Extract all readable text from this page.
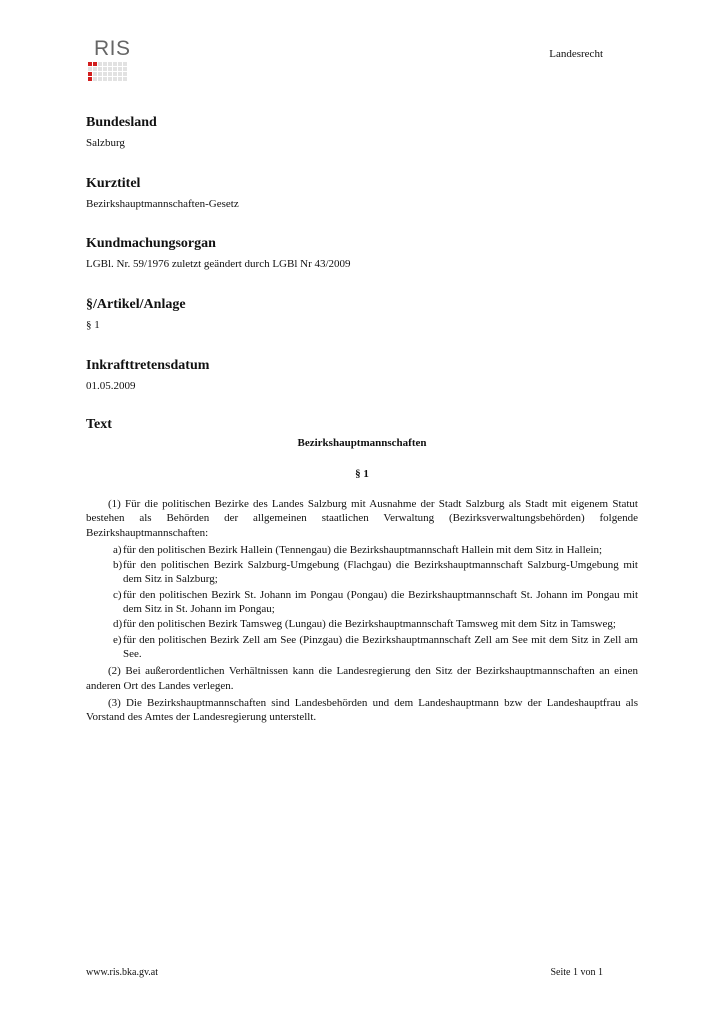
RIS	Landesrecht
Bundesland
Salzburg
Kurztitel
Bezirkshauptmannschaften-Gesetz
Kundmachungsorgan
LGBl. Nr. 59/1976 zuletzt geändert durch LGBl Nr 43/2009
§/Artikel/Anlage
§ 1
Inkrafttretensdatum
01.05.2009
Text
Bezirkshauptmannschaften
§ 1

(1) Für die politischen Bezirke des Landes Salzburg mit Ausnahme der Stadt Salzburg als Stadt mit eigenem Statut bestehen als Behörden der allgemeinen staatlichen Verwaltung (Bezirksverwaltungsbehörden) folgende Bezirkshauptmannschaften:

a) für den politischen Bezirk Hallein (Tennengau) die Bezirkshauptmannschaft Hallein mit dem Sitz in Hallein;
b) für den politischen Bezirk Salzburg-Umgebung (Flachgau) die Bezirkshauptmannschaft Salzburg-Umgebung mit dem Sitz in Salzburg;
c) für den politischen Bezirk St. Johann im Pongau (Pongau) die Bezirkshauptmannschaft St. Johann im Pongau mit dem Sitz in St. Johann im Pongau;
d) für den politischen Bezirk Tamsweg (Lungau) die Bezirkshauptmannschaft Tamsweg mit dem Sitz in Tamsweg;
e) für den politischen Bezirk Zell am See (Pinzgau) die Bezirkshauptmannschaft Zell am See mit dem Sitz in Zell am See.

(2) Bei außerordentlichen Verhältnissen kann die Landesregierung den Sitz der Bezirkshauptmannschaften an einen anderen Ort des Landes verlegen.

(3) Die Bezirkshauptmannschaften sind Landesbehörden und dem Landeshauptmann bzw der Landeshauptfrau als Vorstand des Amtes der Landesregierung unterstellt.

www.ris.bka.gv.at	Seite 1 von 1
